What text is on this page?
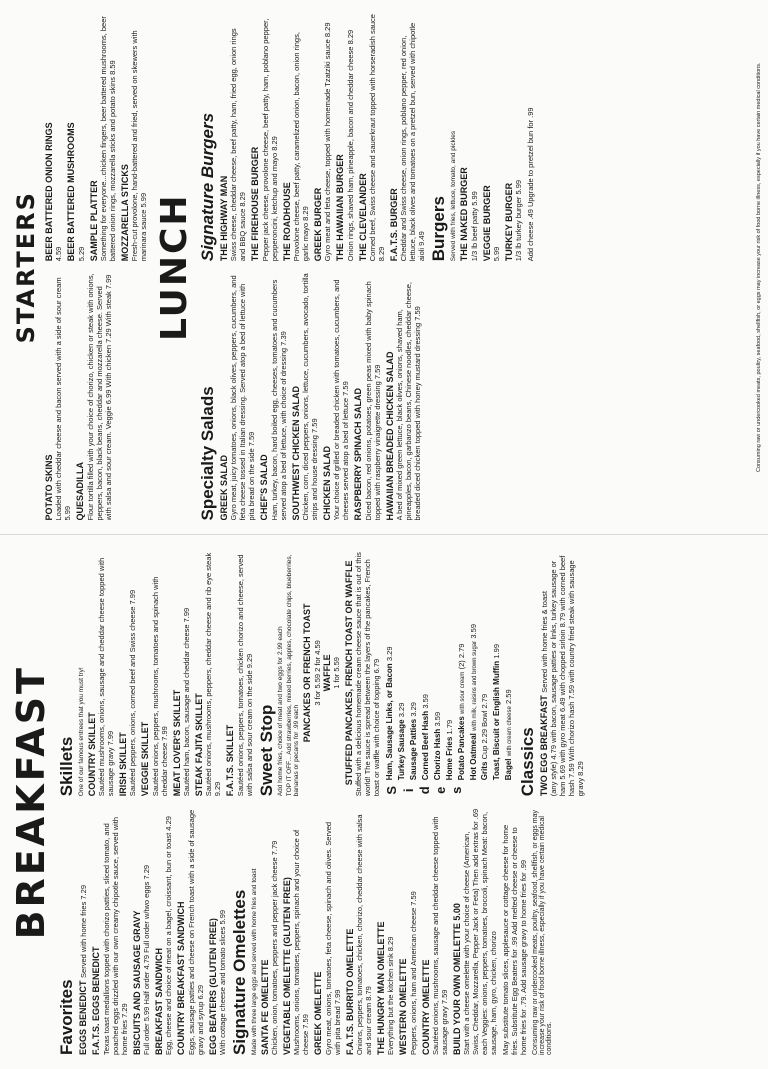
BREAKFAST
Favorites EGGS BENEDICT Served with home fries 7.29
F.A.T.S. EGGS BENEDICT Texas toast medallions topped with chorizo patties, sliced tomato, and poached eggs drizzled with our own creamy chipotle sauce, served with home fries 7.29 BISCUITS AND SAUSAGE GRAVY Full order 5.99 Half order 4.79 Full order w/two eggs 7.29 BREAKFAST SANDWICH Egg, cheese and choice of meat on a bagel, croissant, bun or toast 4.29 COUNTRY BREAKFAST SANDWICH Eggs, sausage patties and cheese on French toast with a side of sausage gravy and syrup 6.29 EGG BEATERS (GLUTEN FREE) With cottage cheese and tomato slices 5.99 Signature Omelettes Made with three large eggs and served with home fries and toast SANTA FE OMELETTE Chicken, onion, tomatoes, peppers and pepper jack cheese 7.79 VEGETABLE OMELETTE (GLUTEN FREE) Mushrooms, onions, tomatoes, peppers, spinach and your choice of cheese 7.59 GREEK OMELETTE Gyro meat, onions, tomatoes, feta cheese, spinach and olives. Served with pita bread 7.99 F.A.T.S. BURRITO OMELETTE Onions, peppers, tomatoes, chicken, chorizo, cheddar cheese with salsa and sour cream 8.79 THE HUNGRY MAN OMELETTE Everything but the kitchen sink 8.29 WESTERN OMELETTE Peppers, onions, ham and American cheese 7.59 COUNTRY OMELETTE Sautéed onions, mushrooms, sausage and cheddar cheese topped with sausage gravy 7.59 BUILD YOUR OWN OMELETTE 5.00 Start with a cheese omelette with your choice of cheese (American, Swiss, Cheddar, Mozzarella, Pepper Jack or Feta) Then add extras for .69 each Veggies: onions, peppers, tomatoes, broccoli, spinach Meat: bacon, sausage, ham, gyro, chicken, chorizo May substitute tomato slices, applesauce or cottage cheese for home fries. Substitute Egg Beaters for .99 Add melted cheese or cheese to home fries for .79. Add sausage gravy to home fries for .99 Consuming raw or undercooked meats, poultry, seafood, shellfish, or eggs may increase your risk of food borne illness, especially if you have certain medical conditions.
Skillets One of our famous entrees that you must try! COUNTRY SKILLET Sautéed mushrooms, onions, sausage and cheddar cheese topped with sausage gravy 7.99 IRISH SKILLET Sautéed peppers, onions, corned beef and Swiss cheese 7.99 VEGGIE SKILLET Sautéed onions, peppers, mushrooms, tomatoes and spinach with cheddar cheese 7.99 MEAT LOVER'S SKILLET Sautéed ham, bacon, sausage and cheddar cheese 7.99 STEAK FAJITA SKILLET Sautéed onions, mushrooms, peppers, cheddar cheese and rib eye steak 9.29 F.A.T.S. SKILLET Sautéed onions, peppers, tomatoes, chicken chorizo and cheese, served with salsa and sour cream on the side 9.29 Sweet Stop Add home fries, choice of meat and two eggs for 2.99 each TOP IT OFF... Add strawberries, mixed berries, apples, chocolate chips, blueberries, bananas or pecans for .99 each
PANCAKES OR FRENCH TOAST 3 for 5.59 2 for 4.59 WAFFLE 1 for 5.59 STUFFED PANCAKES, FRENCH TOAST OR WAFFLE Stuffed with a delicious homemade cream cheese sauce that is out of this world! The sauce is spread between the layers of the pancakes, French toast or waffle with choice of topping 6.79 S
i
d
e
s
Ham, Sausage Links, or Bacon 3.29
Turkey Sausage 3.29
Sausage Patties 3.29
Corned Beef Hash 3.59
Chorizo Hash 3.59
Home Fries 1.79 Potato Pancakes with sour cream (2) 2.79
Hot Oatmeal with milk, raisins and brown sugar 3.59
Grits Cup 2.29 Bowl 2.79 Toast, Biscuit or English Muffin 1.99
Bagel with cream cheese 2.59
Classics TWO EGG BREAKFAST Served with home fries & toast (any style) 4.79 with bacon, sausage patties or links, turkey sausage or ham 5.69 with gyro meat 6.49 with chopped sirloin 8.79 with corned beef hash 7.59 With chorizo hash 7.59 with country fried steak with sausage gravy 8.29
STARTERS
POTATO SKINS Loaded with cheddar cheese and bacon served with a side of sour cream 5.99 QUESADILLA Flour tortilla filled with your choice of chorizo, chicken or steak with onions, peppers, bacon, black beans, cheddar and mozzarella cheese. Served with salsa and sour cream. Veggie 6.99 With chicken 7.29 With steak 7.99
BEER BATTERED ONION RINGS 4.59 BEER BATTERED MUSHROOMS 5.29 SAMPLE PLATTER Something for everyone...chicken fingers, beer battered mushrooms, beer battered onion rings, mozzarella sticks and potato skins 8.59 MOZZARELLA STICKS Fresh-cut provolone, hand-battered and fried, served on skewers with marinara sauce 5.99 LUNCH
Specialty Salads GREEK SALAD Gyro meat, juicy tomatoes, onions, black olives, peppers, cucumbers, and feta cheese tossed in Italian dressing. Served atop a bed of lettuce with pita bread on the side 7.59 CHEF'S SALAD Ham, turkey, bacon, hard boiled egg, cheeses, tomatoes and cucumbers served atop a bed of lettuce, with choice of dressing 7.39 SOUTHWEST CHICKEN SALAD Chicken, corn, diced peppers, onions, lettuce, cucumbers, avocado, tortilla strips and house dressing 7.59 CHICKEN SALAD Your choice of grilled or breaded chicken with tomatoes, cucumbers, and cheeses served atop a bed of lettuce 7.59 RASPBERRY SPINACH SALAD Diced bacon, red onions, potatoes, green peas mixed with baby spinach topped with raspberry vinaigrette dressing 7.59 HAWAIIAN BREADED CHICKEN SALAD A bed of mixed green lettuce, black olives, onions, shaved ham, pineapples, bacon, garbanzo beans, Chinese noodles, cheddar cheese, breaded diced chicken topped with honey mustard dressing 7.59
Signature Burgers THE HIGHWAY MAN Swiss cheese, cheddar cheese, beef patty, ham, fried egg, onion rings and BBQ sauce 8.29 THE FIREHOUSE BURGER Pepper jack cheese, provolone cheese, beef patty, ham, poblano pepper, pepperoncini, ketchup and mayo 8.29 THE ROADHOUSE Provolone cheese, beef patty, caramelized onion, bacon, onion rings, garlic mayo 8.29 GREEK BURGER Gyro meat and feta cheese, topped with homemade Tzatziki sauce 8.29 THE HAWAIIAN BURGER Onion rings, shaved ham, pineapple, bacon and cheddar cheese 8.29 THE CLEVELANDER Corned beef, Swiss cheese and sauerkraut topped with horseradish sauce 8.29 F.A.T.S. BURGER Cheddar and Swiss cheese, onion rings, poblano pepper, red onion, lettuce, black olives and tomatoes on a pretzel bun, served with chipotle aioli 9.49 Burgers Served with fries, lettuce, tomato, and pickles THE NAKED BURGER 1/3 lb beef patty 5.99 VEGGIE BURGER 5.99 TURKEY BURGER 1/3 lb turkey burger 5.99 Add cheese .49 Upgrade to pretzel bun for .99	Consuming raw or undercooked meats, poultry, seafood, shellfish, or eggs may increase your risk of food borne illness, especially if you have certain medical conditions.
